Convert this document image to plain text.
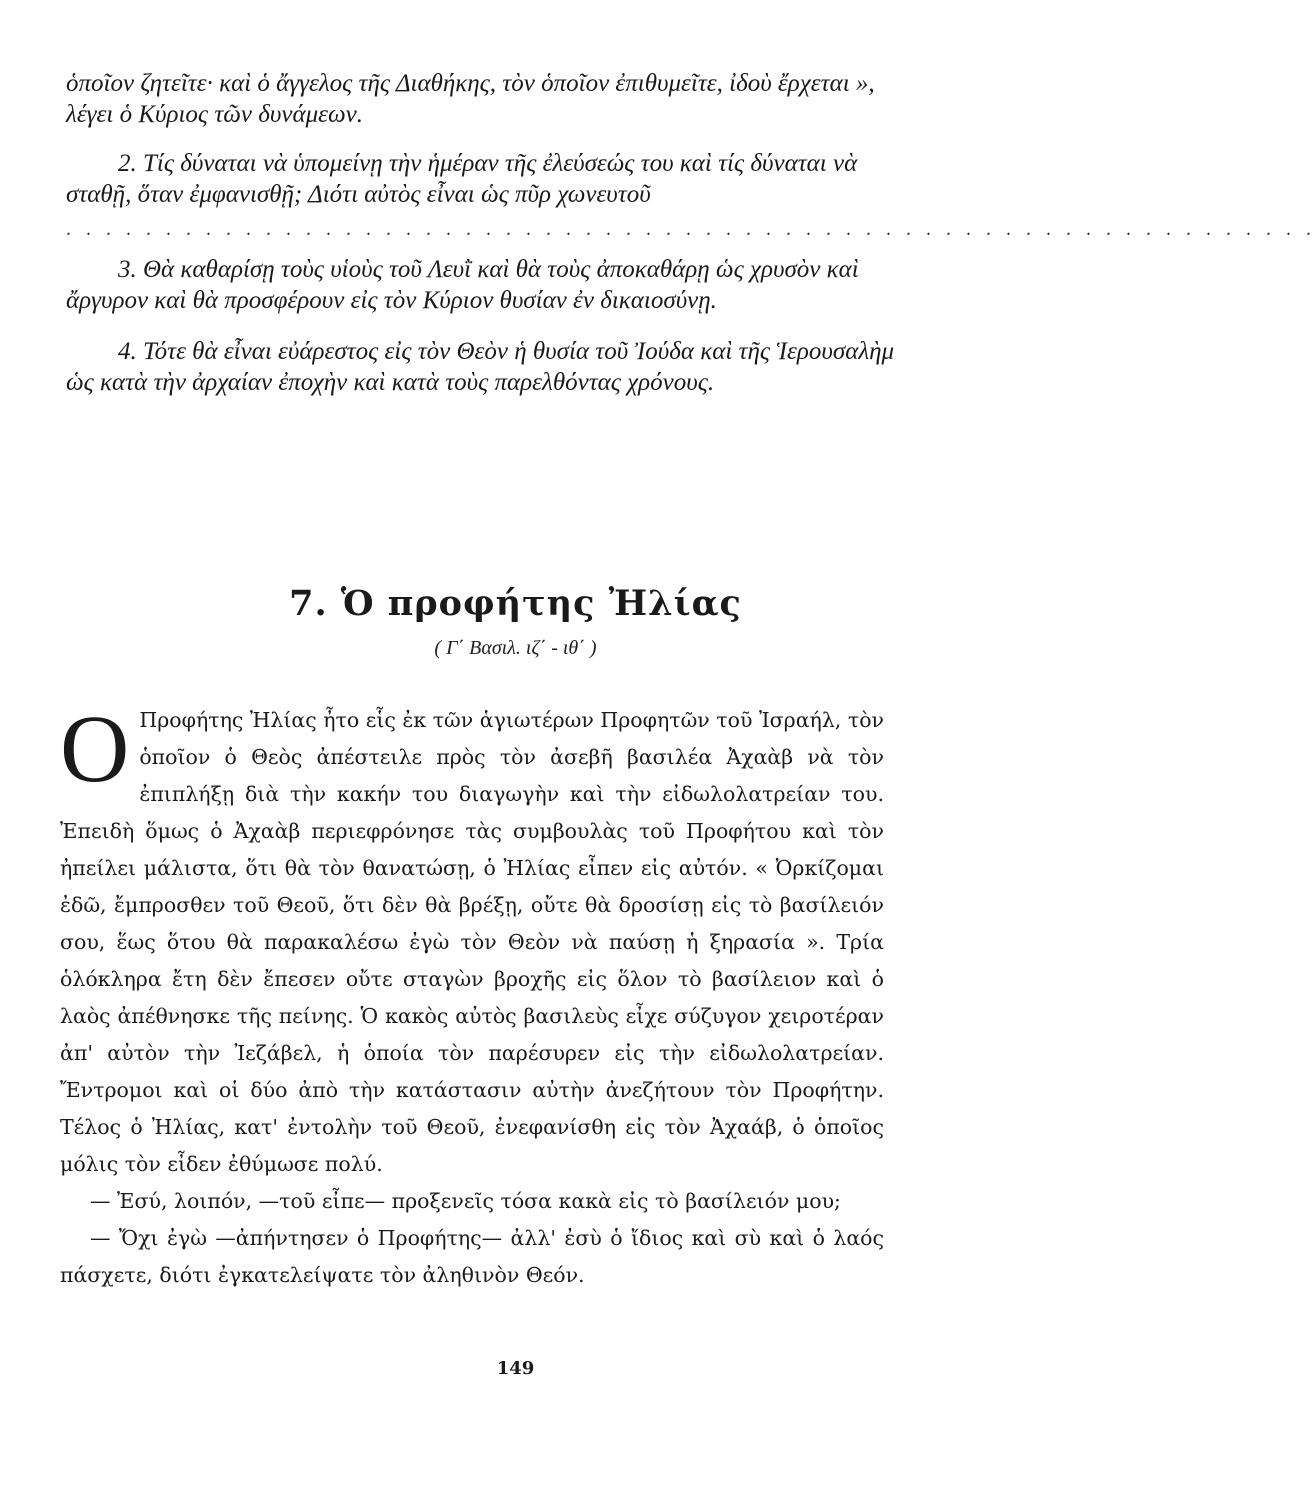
ὁποῖον ζητεῖτε· καὶ ὁ ἄγγελος τῆς Διαθήκης, τὸν ὁποῖον ἐπιθυμεῖτε, ἰδοὺ ἔρχεται », λέγει ὁ Κύριος τῶν δυνάμεων.

2. Τίς δύναται νὰ ὑπομείνῃ τὴν ἡμέραν τῆς ἐλεύσεώς του καὶ τίς δύναται νὰ σταθῇ, ὅταν ἐμφανισθῇ; Διότι αὐτὸς εἶναι ὡς πῦρ χωνευτοῦ

. . . . . . . . . . . . . . . . . . . . . . . . . . . . . . . . . . . . . . . . . . . . . . . . . . . . . . . . . . . . . . .

3. Θὰ καθαρίσῃ τοὺς υἱοὺς τοῦ Λευῒ καὶ θὰ τοὺς ἀποκαθάρῃ ὡς χρυσὸν καὶ ἄργυρον καὶ θὰ προσφέρουν εἰς τὸν Κύριον θυσίαν ἐν δικαιοσύνῃ.

4. Τότε θὰ εἶναι εὐάρεστος εἰς τὸν Θεὸν ἡ θυσία τοῦ Ἰούδα καὶ τῆς Ἱερουσαλὴμ ὡς κατὰ τὴν ἀρχαίαν ἐποχὴν καὶ κατὰ τοὺς παρελθόντας χρόνους.

7. Ὁ προφήτης Ἠλίας
( Γ΄ Βασιλ. ιζ΄ - ιθ΄ )

Ο Προφήτης Ἠλίας ἦτο εἷς ἐκ τῶν ἁγιωτέρων Προφητῶν τοῦ Ἰσραήλ, τὸν ὁποῖον ὁ Θεὸς ἀπέστειλε πρὸς τὸν ἀσεβῆ βασιλέα Ἀχαὰβ νὰ τὸν ἐπιπλήξῃ διὰ τὴν κακήν του διαγωγὴν καὶ τὴν εἰδωλολατρείαν του. Ἐπειδὴ ὅμως ὁ Ἀχαὰβ περιεφρόνησε τὰς συμβουλὰς τοῦ Προφήτου καὶ τὸν ἠπείλει μάλιστα, ὅτι θὰ τὸν θανατώσῃ, ὁ Ἠλίας εἶπεν εἰς αὐτόν. « Ὀρκίζομαι ἐδῶ, ἔμπροσθεν τοῦ Θεοῦ, ὅτι δὲν θὰ βρέξῃ, οὔτε θὰ δροσίσῃ εἰς τὸ βασίλειόν σου, ἕως ὅτου θὰ παρακαλέσω ἐγὼ τὸν Θεὸν νὰ παύσῃ ἡ ξηρασία ». Τρία ὁλόκληρα ἔτη δὲν ἔπεσεν οὔτε σταγὼν βροχῆς εἰς ὅλον τὸ βασίλειον καὶ ὁ λαὸς ἀπέθνησκε τῆς πείνης. Ὁ κακὸς αὐτὸς βασιλεὺς εἶχε σύζυγον χειροτέραν ἀπ' αὐτὸν τὴν Ἰεζάβελ, ἡ ὁποία τὸν παρέσυρεν εἰς τὴν εἰδωλολατρείαν. Ἔντρομοι καὶ οἱ δύο ἀπὸ τὴν κατάστασιν αὐτὴν ἀνεζήτουν τὸν Προφήτην. Τέλος ὁ Ἠλίας, κατ' ἐντολὴν τοῦ Θεοῦ, ἐνεφανίσθη εἰς τὸν Ἀχαάβ, ὁ ὁποῖος μόλις τὸν εἶδεν ἐθύμωσε πολύ.

— Ἐσύ, λοιπόν, —τοῦ εἶπε— προξενεῖς τόσα κακὰ εἰς τὸ βασίλειόν μου;

— Ὄχι ἐγὼ —ἀπήντησεν ὁ Προφήτης— ἀλλ' ἐσὺ ὁ ἴδιος καὶ σὺ καὶ ὁ λαός πάσχετε, διότι ἐγκατελείψατε τὸν ἀληθινὸν Θεόν.

149
